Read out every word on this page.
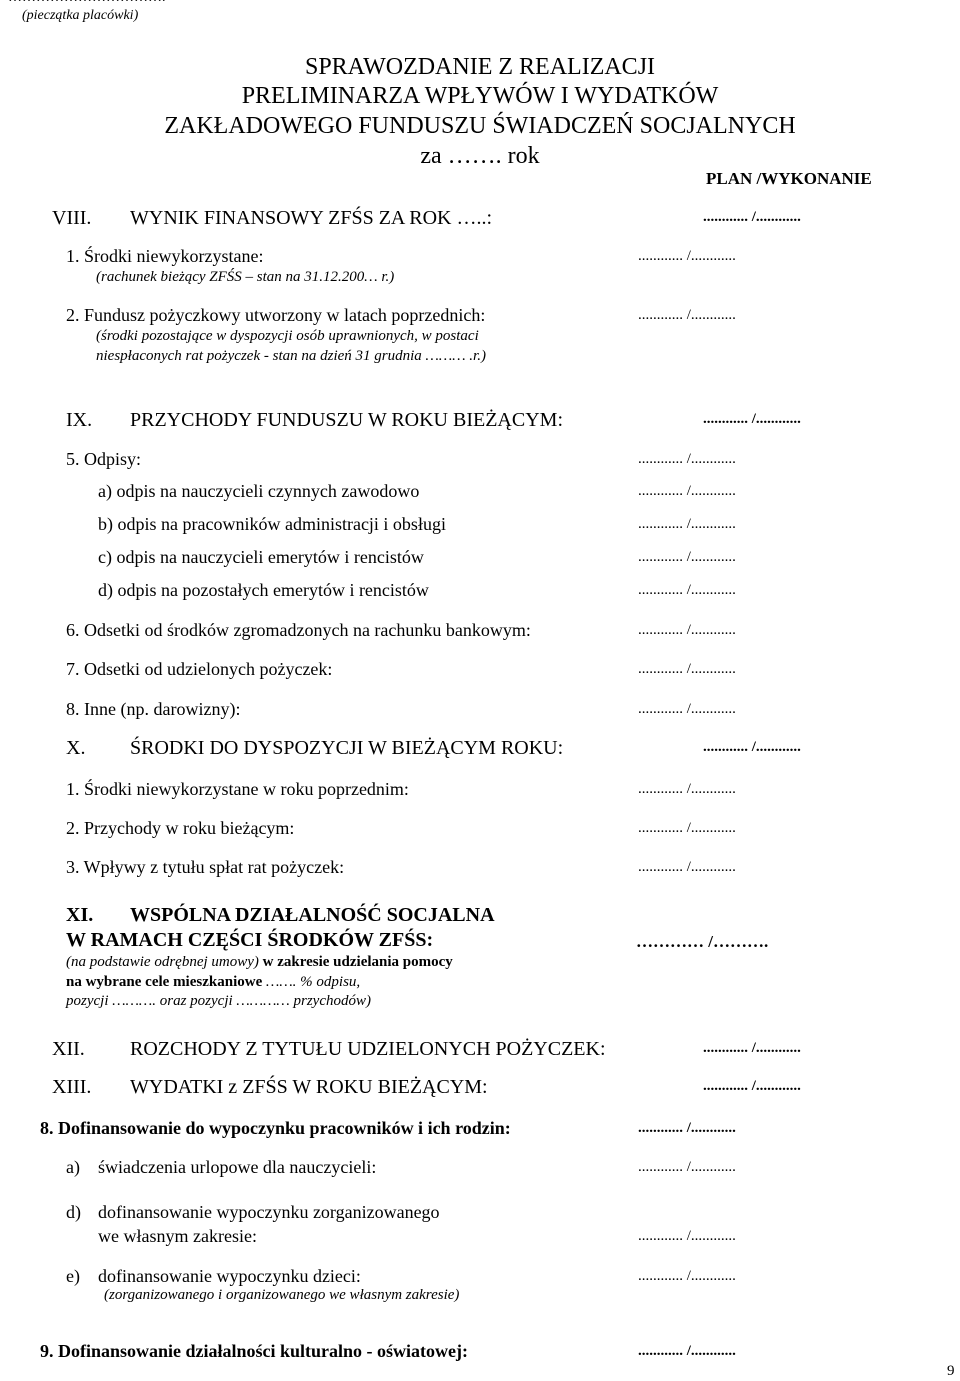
(pieczątka placówki)
SPRAWOZDANIE Z REALIZACJI
PRELIMINARZA WPŁYWÓW I WYDATKÓW
ZAKŁADOWEGO FUNDUSZU ŚWIADCZEŃ SOCJALNYCH
za ……. rok
PLAN /WYKONANIE
VIII. WYNIK FINANSOWY ZFŚS ZA ROK …..:	............ /............
1. Środki niewykorzystane:	............ /............
(rachunek bieżący ZFŚS – stan na 31.12.200… r.)
2. Fundusz pożyczkowy utworzony w latach poprzednich:	............ /............
(środki pozostające w dyspozycji osób uprawnionych, w postaci
niespłaconych rat pożyczek - stan na dzień 31 grudnia ……… .r.)
IX. PRZYCHODY FUNDUSZU W ROKU BIEŻĄCYM:	............ /............
5. Odpisy:	............ /............
a) odpis na nauczycieli czynnych zawodowo	............ /............
b) odpis na pracowników administracji i obsługi	............ /............
c) odpis na nauczycieli emerytów i rencistów	............ /............
d) odpis na pozostałych emerytów i rencistów	............ /............
6. Odsetki od środków zgromadzonych na rachunku bankowym:	............ /............
7. Odsetki od udzielonych pożyczek:	............ /............
8. Inne (np. darowizny):	............ /............
X. ŚRODKI DO DYSPOZYCJI W BIEŻĄCYM ROKU:	............ /............
1. Środki niewykorzystane w roku poprzednim:	............ /............
2. Przychody w roku bieżącym:	............ /............
3. Wpływy z tytułu spłat rat pożyczek:	............ /............
XI. WSPÓLNA DZIAŁALNOŚĆ SOCJALNA
W RAMACH CZĘŚCI ŚRODKÓW ZFŚS:	………… /……….
(na podstawie odrębnej umowy) w zakresie udzielania pomocy
na wybrane cele mieszkaniowe ……. % odpisu,
pozycji ………. oraz pozycji ………… przychodów)
XII. ROZCHODY Z TYTUŁU UDZIELONYCH POŻYCZEK:	............ /............
XIII. WYDATKI z ZFŚS W ROKU BIEŻĄCYM:	............ /............
8. Dofinansowanie do wypoczynku pracowników i ich rodzin:	............ /............
a) świadczenia urlopowe dla nauczycieli:	............ /............
d) dofinansowanie wypoczynku zorganizowanego
we własnym zakresie:	............ /............
e) dofinansowanie wypoczynku dzieci:	............ /............
(zorganizowanego i organizowanego we własnym zakresie)
9. Dofinansowanie działalności kulturalno - oświatowej:	............ /............
9
